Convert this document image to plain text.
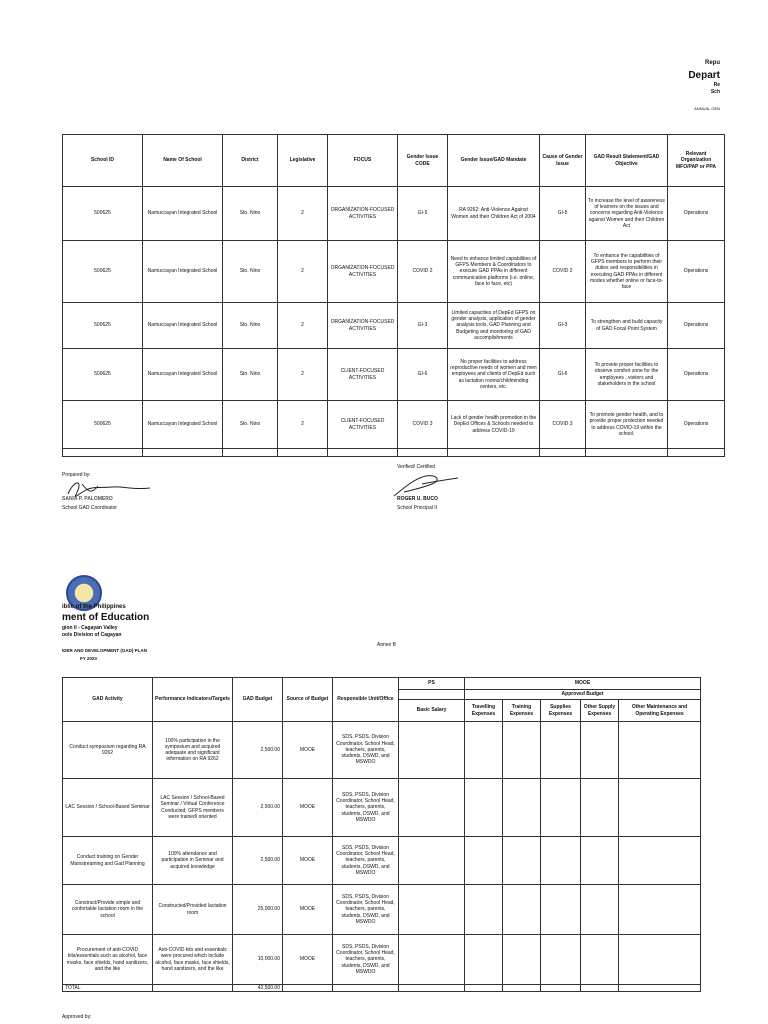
Repu
Depart
Re
Sch
ANNUAL GEN
School ID	Name Of School	District	Legislative	FOCUS	Gender Issue CODE	Gender Issue/GAD Mandate	Cause of Gender Issue	GAD Result Statement/GAD Objective	Relevant Organization MFO/PAP or PPA
500625	Namuccayan Integrated School	Sto. Nino	2	ORGANIZATION-FOCUSED ACTIVITIES	GI-5	RA 9262: Anti-Violence Against Women and their Children Act of 2004	GI-5	To increase the level of awareness of learners on the issues and concerns regarding Anti-Violence against Women and their Children Act	Operations
500625	Namuccayan Integrated School	Sto. Nino	2	ORGANIZATION-FOCUSED ACTIVITIES	COVID 2	Need to enhance limited capabilities of GFPS Members & Coordinators to execute GAD PPAs in different communication platforms (i.e. online, face to face, etc)	COVID 2	To enhance the capabilities of GFPS members to perform their duties and responsibilities in executing GAD PPAs in different modes whether online or face-to-face	Operations
500625	Namuccayan Integrated School	Sto. Nino	2	ORGANIZATION-FOCUSED ACTIVITIES	GI-3	Limited capacities of DepEd GFPS on gender analysis, application of gender analysis tools, GAD Planning and Budgeting and monitoring of GAD accomplishments	GI-3	To strengthen and build capacity of GAD Focal Point System	Operations
500625	Namuccayan Integrated School	Sto. Nino	2	CLIENT-FOCUSED ACTIVITIES	GI-6	No proper facilities to address reproductive needs of women and men employees and clients of DepEd such as lactation rooms/childminding centers, etc.	GI-6	To provide proper facilities to observe comfort zone for the employees , visitors and stakeholders in the school	Operations
500625	Namuccayan Integrated School	Sto. Nino	2	CLIENT-FOCUSED ACTIVITIES	COVID 3	Lack of gender health promotion in the DepEd Offices & Schools needed to address COVID-19	COVID 3	To promote gender health, and to provide proper protection needed to address COVID-19 within the school.	Operations

Prepared by:
SANIA P. PALOMERO
School GAD Coordinator
Verified/ Certified
ROGER U. BUCO
School Principal II
iblic of the Philippines
ment of Education
gion II - Cagayan Valley
ools Division of Cagayan
IDER AND DEVELOPMENT (GAD) PLAN
FY 2023
Annex B
GAD Activity	Performance Indicators/Targets	GAD Budget	Source of Budget	Responsible Unit/Office	PS	MOOE				
						Approved Budget				
					Basic Salary	Travelling Expenses	Training Expenses	Supplies Expenses	Other Supply Expenses	Other Maintenance and Operating Expenses
Conduct symposium regarding RA 9262	100% participation in the symposium and acquired adequate and significant information on RA 9262	2,500.00	MOOE	SDS, PSDS, Division Coordinator, School Head, teachers, parents, students, DSWD, and MSWDO						
LAC Session / School-Based Seminar	LAC Session / School-Based Seminar / Virtual Conference Conducted; GFPS members were trained/ oriented	2,500.00	MOOE	SDS, PSDS, Division Coordinator, School Head, teachers, parents, students, DSWD, and MSWDO						
Conduct training on Gender Mainstreaming and Gad Planning	100% attendance and participation in Seminar and acquired knowledge	2,500.00	MOOE	SDS, PSDS, Division Coordinator, School Head, teachers, parents, students, DSWD, and MSWDO						
Construct/Provide simple and confortable lactation room in the school	Constructed/Provided lactation room	25,000.00	MOOE	SDS, PSDS, Division Coordinator, School Head, teachers, parents, students, DSWD, and MSWDO						
Procurement of anti-COVID kits/essentials such as alcohol, face masks, face shields, hand sanitizers, and the like	Anti-COVID kits and essentials were procured which include alcohol, face masks, face shields, hand sanitizers, and the like	10,000.00	MOOE	SDS, PSDS, Division Coordinator, School Head, teachers, parents, students, DSWD, and MSWDO						
TOTAL		42,500.00								
Approved by:
